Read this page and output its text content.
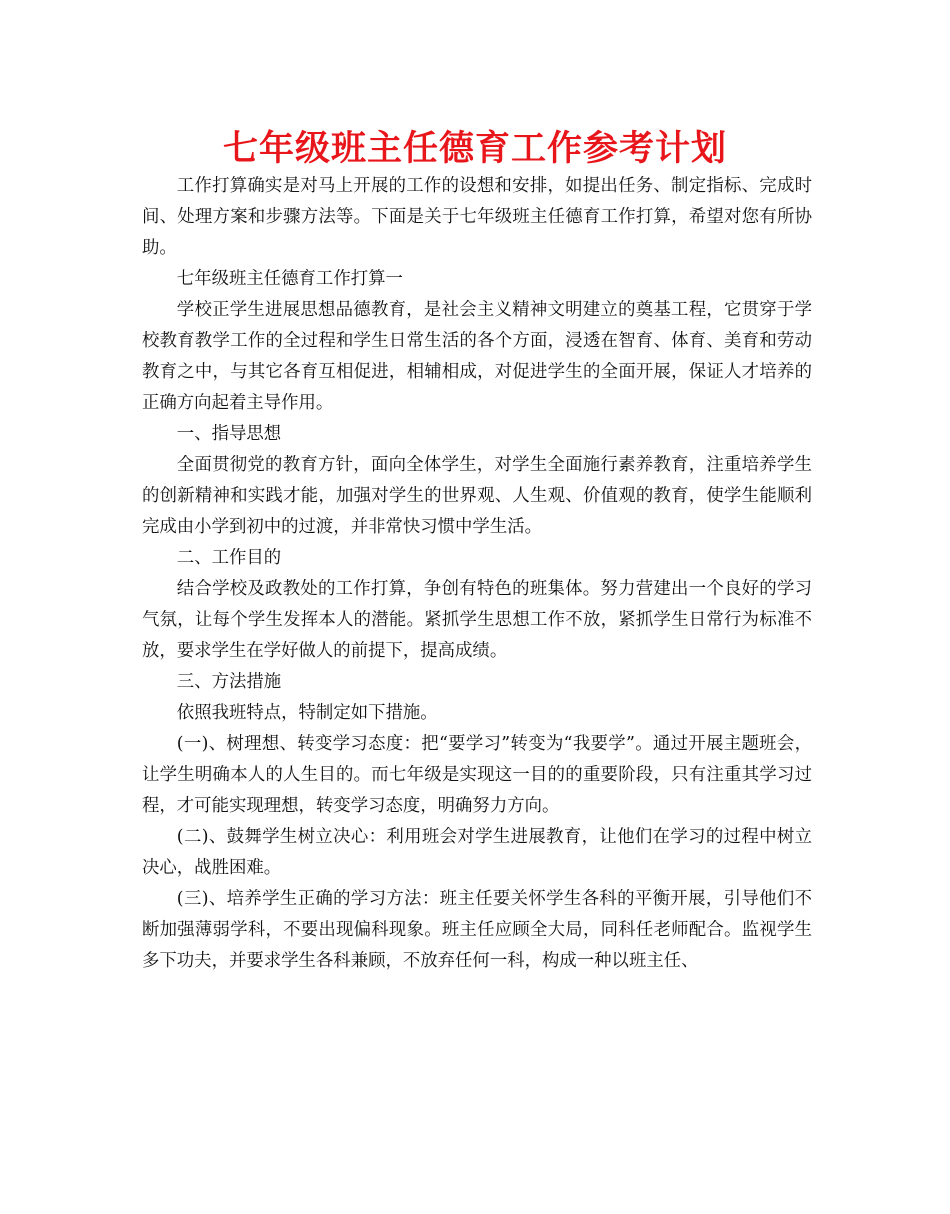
七年级班主任德育工作参考计划

工作打算确实是对马上开展的工作的设想和安排，如提出任务、制定指标、完成时间、处理方案和步骤方法等。下面是关于七年级班主任德育工作打算，希望对您有所协助。

七年级班主任德育工作打算一

学校正学生进展思想品德教育，是社会主义精神文明建立的奠基工程，它贯穿于学校教育教学工作的全过程和学生日常生活的各个方面，浸透在智育、体育、美育和劳动教育之中，与其它各育互相促进，相辅相成，对促进学生的全面开展，保证人才培养的正确方向起着主导作用。

一、指导思想

全面贯彻党的教育方针，面向全体学生，对学生全面施行素养教育，注重培养学生的创新精神和实践才能，加强对学生的世界观、人生观、价值观的教育，使学生能顺利完成由小学到初中的过渡，并非常快习惯中学生活。

二、工作目的

结合学校及政教处的工作打算，争创有特色的班集体。努力营建出一个良好的学习气氛，让每个学生发挥本人的潜能。紧抓学生思想工作不放，紧抓学生日常行为标准不放，要求学生在学好做人的前提下，提高成绩。

三、方法措施

依照我班特点，特制定如下措施。

(一)、树理想、转变学习态度：把“要学习”转变为“我要学”。通过开展主题班会，让学生明确本人的人生目的。而七年级是实现这一目的的重要阶段，只有注重其学习过程，才可能实现理想，转变学习态度，明确努力方向。

(二)、鼓舞学生树立决心：利用班会对学生进展教育，让他们在学习的过程中树立决心，战胜困难。

(三)、培养学生正确的学习方法：班主任要关怀学生各科的平衡开展，引导他们不断加强薄弱学科，不要出现偏科现象。班主任应顾全大局，同科任老师配合。监视学生多下功夫，并要求学生各科兼顾，不放弃任何一科，构成一种以班主任、
